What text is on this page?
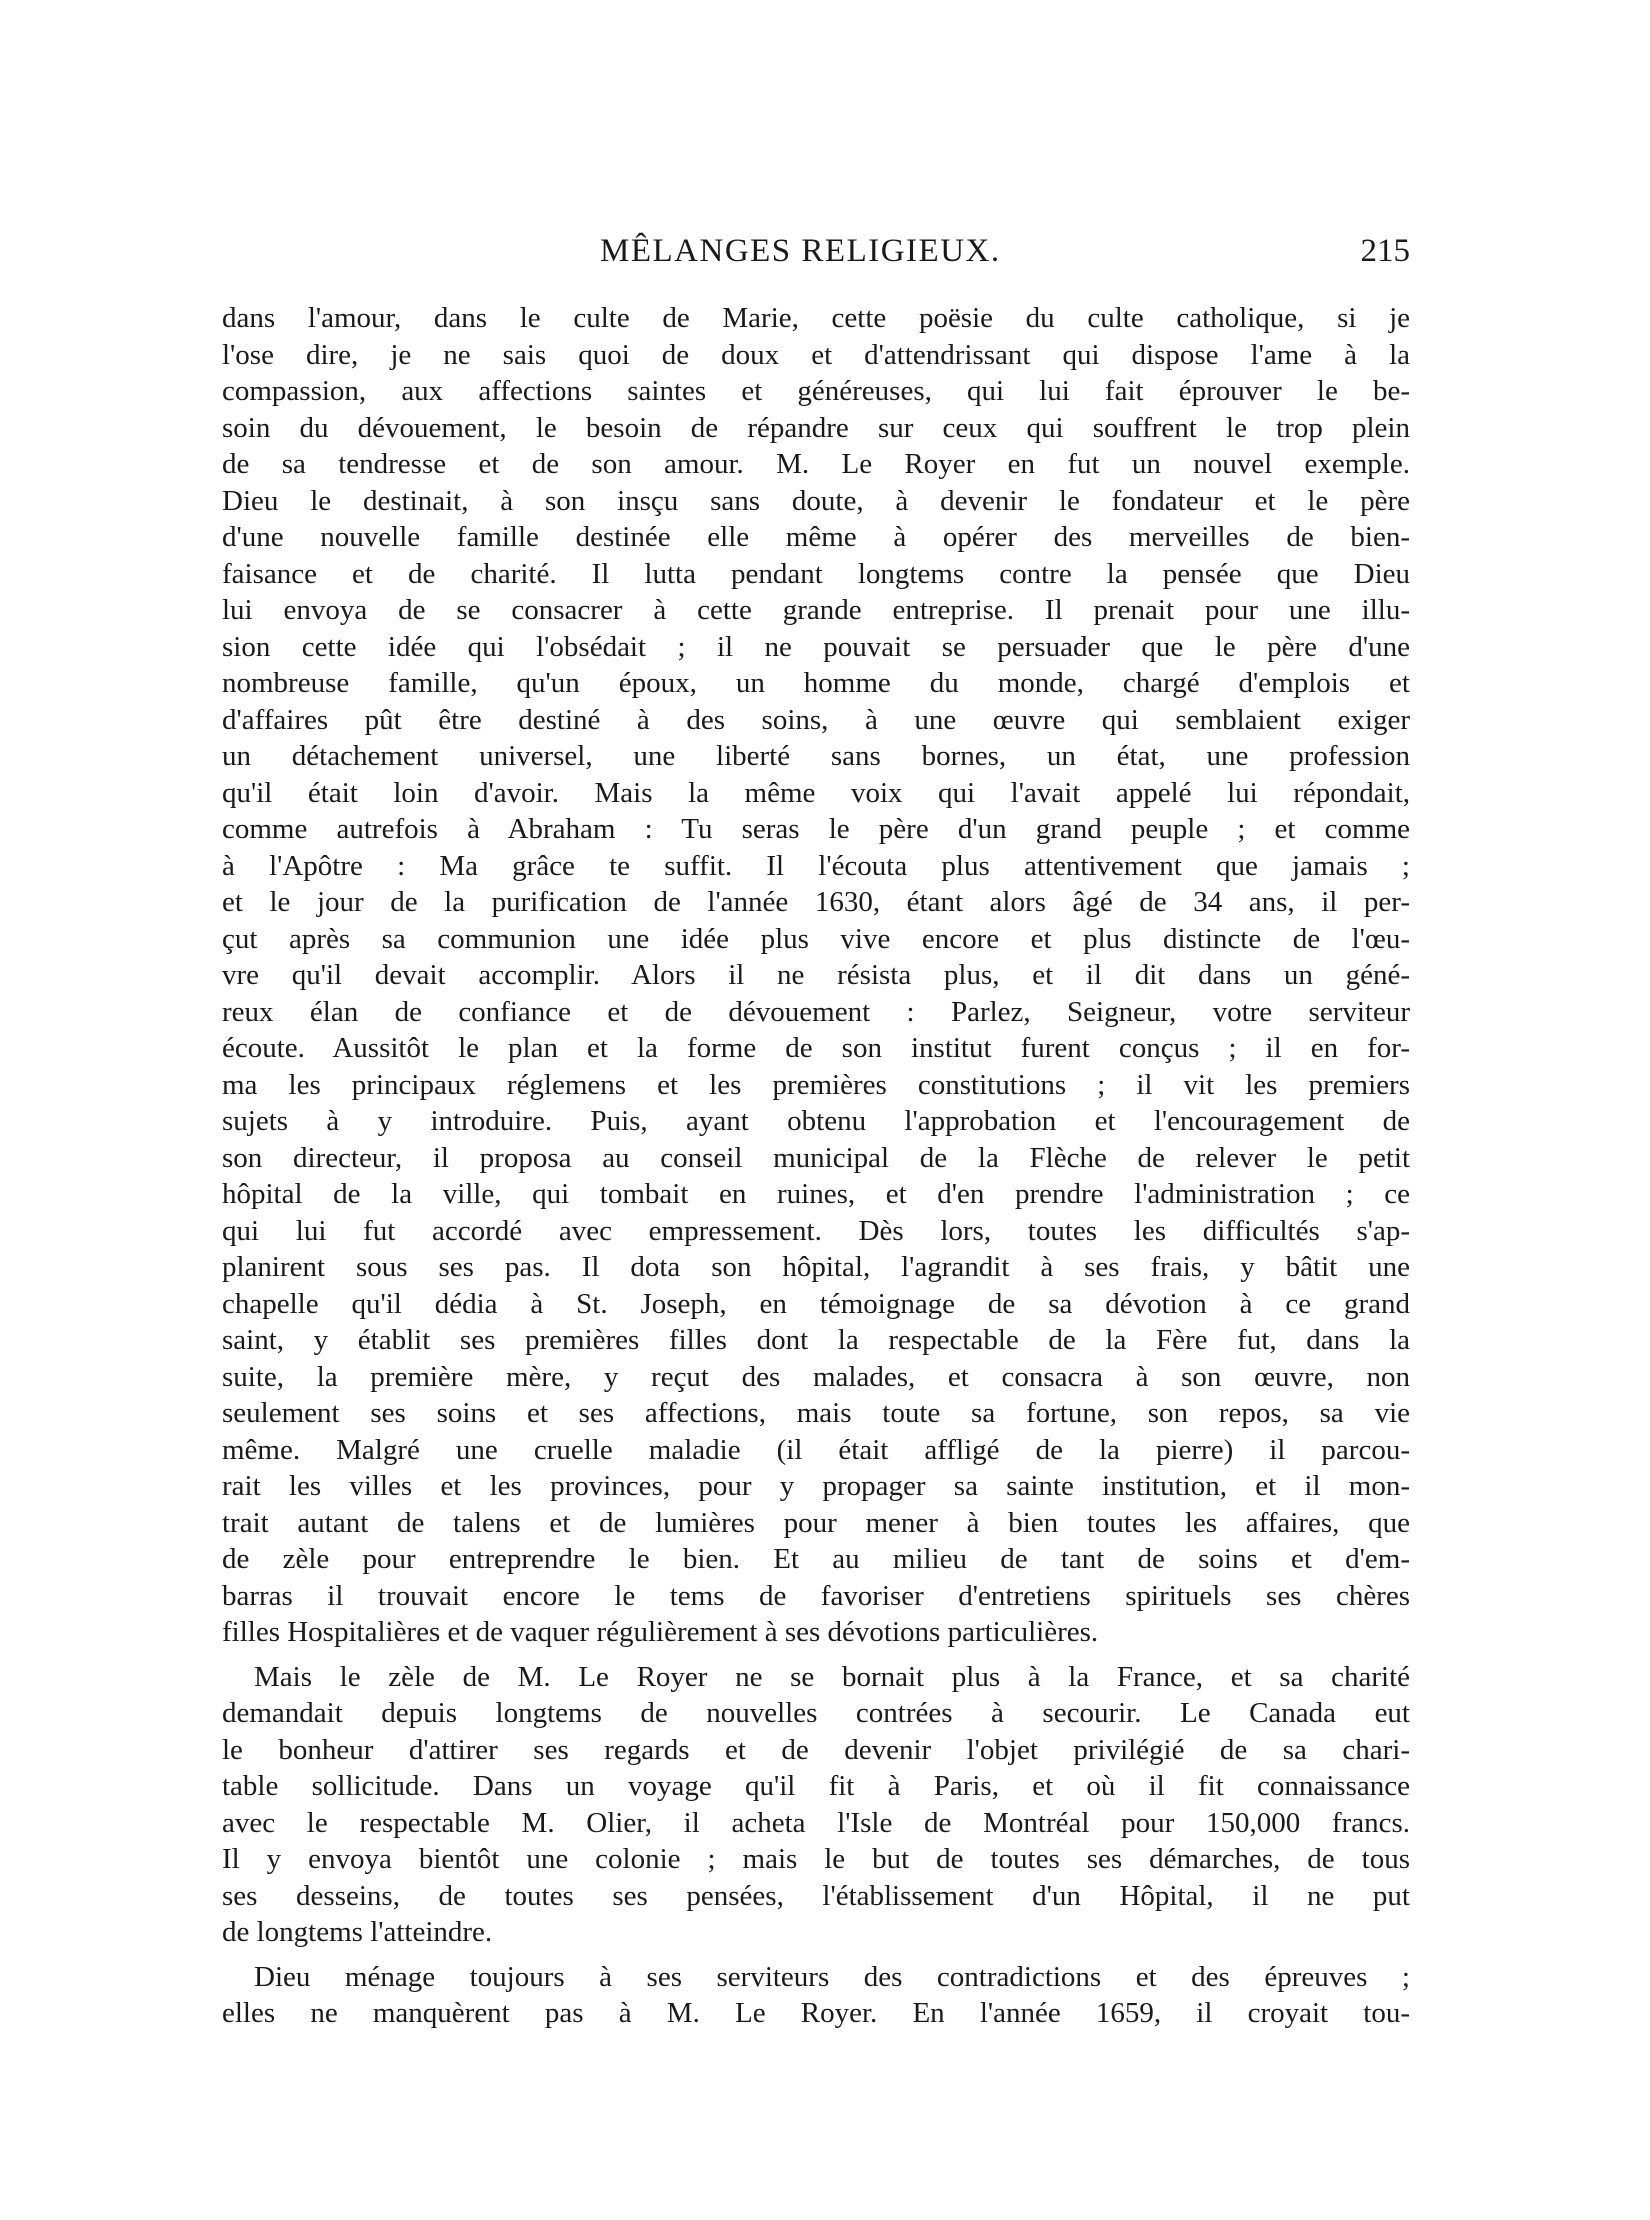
MÊLANGES RELIGIEUX.	215
dans l'amour, dans le culte de Marie, cette poësie du culte catholique, si je
l'ose dire, je ne sais quoi de doux et d'attendrissant qui dispose l'ame à la
compassion, aux affections saintes et généreuses, qui lui fait éprouver le be-
soin du dévouement, le besoin de répandre sur ceux qui souffrent le trop plein
de sa tendresse et de son amour. M. Le Royer en fut un nouvel exemple.
Dieu le destinait, à son insçu sans doute, à devenir le fondateur et le père
d'une nouvelle famille destinée elle même à opérer des merveilles de bien-
faisance et de charité. Il lutta pendant longtems contre la pensée que Dieu
lui envoya de se consacrer à cette grande entreprise. Il prenait pour une illu-
sion cette idée qui l'obsédait ; il ne pouvait se persuader que le père d'une
nombreuse famille, qu'un époux, un homme du monde, chargé d'emplois et
d'affaires pût être destiné à des soins, à une œuvre qui semblaient exiger
un détachement universel, une liberté sans bornes, un état, une profession
qu'il était loin d'avoir. Mais la même voix qui l'avait appelé lui répondait,
comme autrefois à Abraham : Tu seras le père d'un grand peuple ; et comme
à l'Apôtre : Ma grâce te suffit. Il l'écouta plus attentivement que jamais ;
et le jour de la purification de l'année 1630, étant alors âgé de 34 ans, il per-
çut après sa communion une idée plus vive encore et plus distincte de l'œu-
vre qu'il devait accomplir. Alors il ne résista plus, et il dit dans un géné-
reux élan de confiance et de dévouement : Parlez, Seigneur, votre serviteur
écoute. Aussitôt le plan et la forme de son institut furent conçus ; il en for-
ma les principaux réglemens et les premières constitutions ; il vit les premiers
sujets à y introduire. Puis, ayant obtenu l'approbation et l'encouragement de
son directeur, il proposa au conseil municipal de la Flèche de relever le petit
hôpital de la ville, qui tombait en ruines, et d'en prendre l'administration ; ce
qui lui fut accordé avec empressement. Dès lors, toutes les difficultés s'ap-
planirent sous ses pas. Il dota son hôpital, l'agrandit à ses frais, y bâtit une
chapelle qu'il dédia à St. Joseph, en témoignage de sa dévotion à ce grand
saint, y établit ses premières filles dont la respectable de la Fère fut, dans la
suite, la première mère, y reçut des malades, et consacra à son œuvre, non
seulement ses soins et ses affections, mais toute sa fortune, son repos, sa vie
même. Malgré une cruelle maladie (il était affligé de la pierre) il parcou-
rait les villes et les provinces, pour y propager sa sainte institution, et il mon-
trait autant de talens et de lumières pour mener à bien toutes les affaires, que
de zèle pour entreprendre le bien. Et au milieu de tant de soins et d'em-
barras il trouvait encore le tems de favoriser d'entretiens spirituels ses chères
filles Hospitalières et de vaquer régulièrement à ses dévotions particulières.
Mais le zèle de M. Le Royer ne se bornait plus à la France, et sa charité
demandait depuis longtems de nouvelles contrées à secourir. Le Canada eut
le bonheur d'attirer ses regards et de devenir l'objet privilégié de sa chari-
table sollicitude. Dans un voyage qu'il fit à Paris, et où il fit connaissance
avec le respectable M. Olier, il acheta l'Isle de Montréal pour 150,000 francs.
Il y envoya bientôt une colonie ; mais le but de toutes ses démarches, de tous
ses desseins, de toutes ses pensées, l'établissement d'un Hôpital, il ne put
de longtems l'atteindre.
Dieu ménage toujours à ses serviteurs des contradictions et des épreuves ;
elles ne manquèrent pas à M. Le Royer. En l'année 1659, il croyait tou-
